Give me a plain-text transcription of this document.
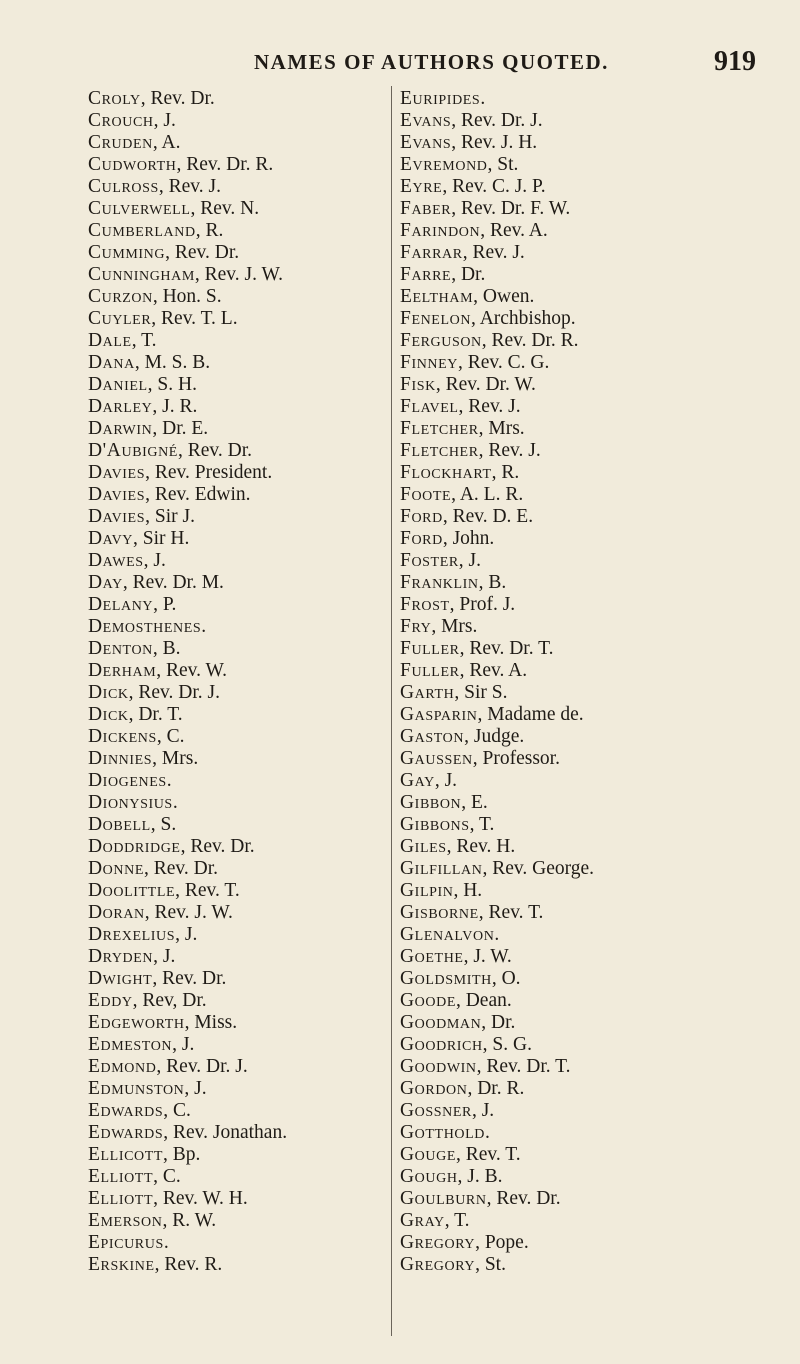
NAMES OF AUTHORS QUOTED.	919
Croly, Rev. Dr.
Crouch, J.
Cruden, A.
Cudworth, Rev. Dr. R.
Culross, Rev. J.
Culverwell, Rev. N.
Cumberland, R.
Cumming, Rev. Dr.
Cunningham, Rev. J. W.
Curzon, Hon. S.
Cuyler, Rev. T. L.
Dale, T.
Dana, M. S. B.
Daniel, S. H.
Darley, J. R.
Darwin, Dr. E.
D'Aubigné, Rev. Dr.
Davies, Rev. President.
Davies, Rev. Edwin.
Davies, Sir J.
Davy, Sir H.
Dawes, J.
Day, Rev. Dr. M.
Delany, P.
Demosthenes.
Denton, B.
Derham, Rev. W.
Dick, Rev. Dr. J.
Dick, Dr. T.
Dickens, C.
Dinnies, Mrs.
Diogenes.
Dionysius.
Dobell, S.
Doddridge, Rev. Dr.
Donne, Rev. Dr.
Doolittle, Rev. T.
Doran, Rev. J. W.
Drexelius, J.
Dryden, J.
Dwight, Rev. Dr.
Eddy, Rev, Dr.
Edgeworth, Miss.
Edmeston, J.
Edmond, Rev. Dr. J.
Edmunston, J.
Edwards, C.
Edwards, Rev. Jonathan.
Ellicott, Bp.
Elliott, C.
Elliott, Rev. W. H.
Emerson, R. W.
Epicurus.
Erskine, Rev. R.
Euripides.
Evans, Rev. Dr. J.
Evans, Rev. J. H.
Evremond, St.
Eyre, Rev. C. J. P.
Faber, Rev. Dr. F. W.
Farindon, Rev. A.
Farrar, Rev. J.
Farre, Dr.
Eeltham, Owen.
Fenelon, Archbishop.
Ferguson, Rev. Dr. R.
Finney, Rev. C. G.
Fisk, Rev. Dr. W.
Flavel, Rev. J.
Fletcher, Mrs.
Fletcher, Rev. J.
Flockhart, R.
Foote, A. L. R.
Ford, Rev. D. E.
Ford, John.
Foster, J.
Franklin, B.
Frost, Prof. J.
Fry, Mrs.
Fuller, Rev. Dr. T.
Fuller, Rev. A.
Garth, Sir S.
Gasparin, Madame de.
Gaston, Judge.
Gaussen, Professor.
Gay, J.
Gibbon, E.
Gibbons, T.
Giles, Rev. H.
Gilfillan, Rev. George.
Gilpin, H.
Gisborne, Rev. T.
Glenalvon.
Goethe, J. W.
Goldsmith, O.
Goode, Dean.
Goodman, Dr.
Goodrich, S. G.
Goodwin, Rev. Dr. T.
Gordon, Dr. R.
Gossner, J.
Gotthold.
Gouge, Rev. T.
Gough, J. B.
Goulburn, Rev. Dr.
Gray, T.
Gregory, Pope.
Gregory, St.
